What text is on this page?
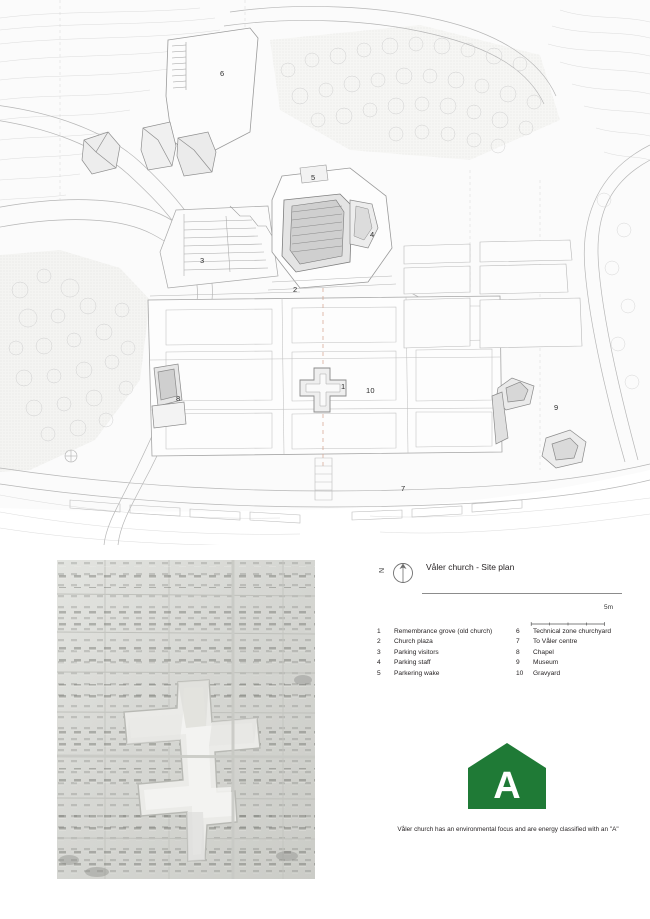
1
2
3
4
5
6
7
8
9
10
N	Våler church - Site plan
5m
1	Remembrance grove (old church)
2	Church plaza
3	Parking visitors
4	Parking staff
5	Parkering wake
6	Technical zone churchyard
7	To Våler centre
8	Chapel
9	Museum
10	Gravyard
A
Våler church has an environmental focus and are energy classified with an "A"
